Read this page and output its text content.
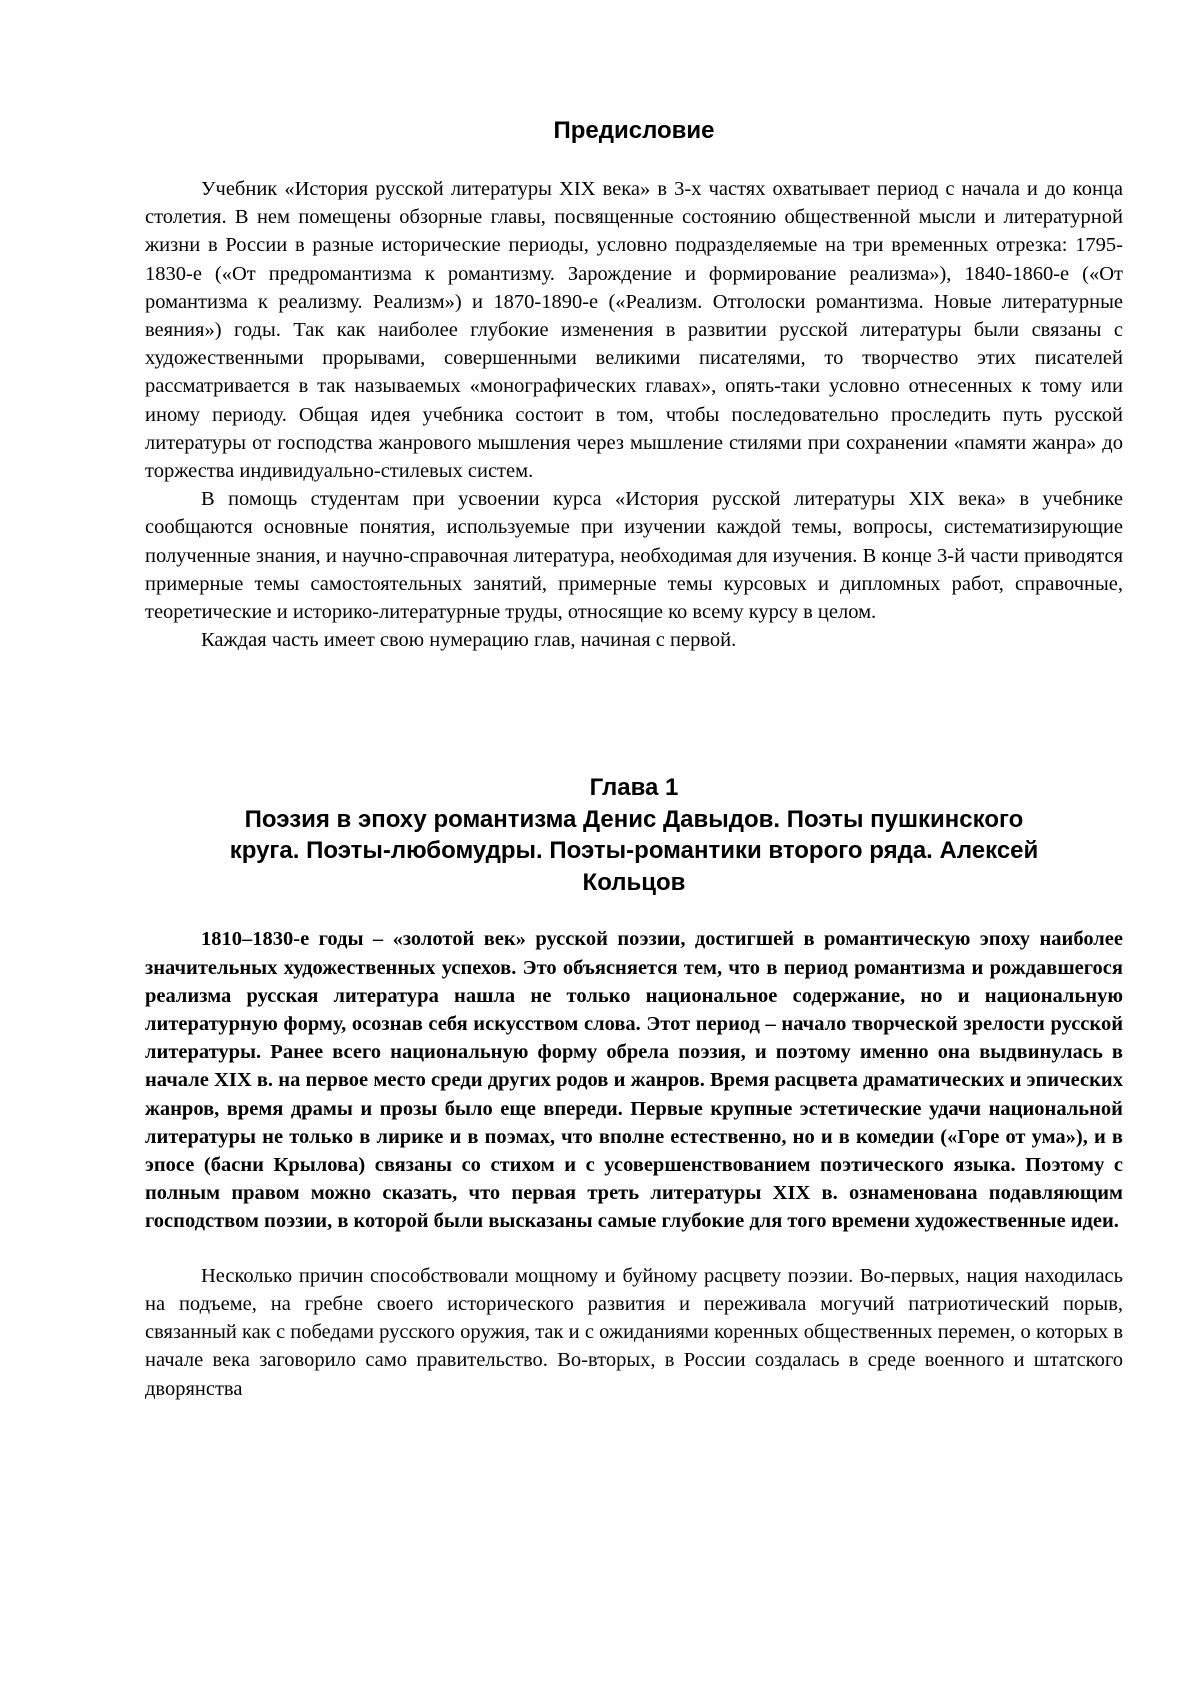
Предисловие

Учебник «История русской литературы XIX века» в 3-х частях охватывает период с начала и до конца столетия. В нем помещены обзорные главы, посвященные состоянию общественной мысли и литературной жизни в России в разные исторические периоды, условно подразделяемые на три временных отрезка: 1795-1830-е («От предромантизма к романтизму. Зарождение и формирование реализма»), 1840-1860-е («От романтизма к реализму. Реализм») и 1870-1890-е («Реализм. Отголоски романтизма. Новые литературные веяния») годы. Так как наиболее глубокие изменения в развитии русской литературы были связаны с художественными прорывами, совершенными великими писателями, то творчество этих писателей рассматривается в так называемых «монографических главах», опять-таки условно отнесенных к тому или иному периоду. Общая идея учебника состоит в том, чтобы последовательно проследить путь русской литературы от господства жанрового мышления через мышление стилями при сохранении «памяти жанра» до торжества индивидуально-стилевых систем.

В помощь студентам при усвоении курса «История русской литературы XIX века» в учебнике сообщаются основные понятия, используемые при изучении каждой темы, вопросы, систематизирующие полученные знания, и научно-справочная литература, необходимая для изучения. В конце 3-й части приводятся примерные темы самостоятельных занятий, примерные темы курсовых и дипломных работ, справочные, теоретические и историко-литературные труды, относящие ко всему курсу в целом.

Каждая часть имеет свою нумерацию глав, начиная с первой.

Глава 1
Поэзия в эпоху романтизма Денис Давыдов. Поэты пушкинского
круга. Поэты-любомудры. Поэты-романтики второго ряда. Алексей
Кольцов

1810–1830-е годы – «золотой век» русской поэзии, достигшей в романтическую эпоху наиболее значительных художественных успехов. Это объясняется тем, что в период романтизма и рождавшегося реализма русская литература нашла не только национальное содержание, но и национальную литературную форму, осознав себя искусством слова. Этот период – начало творческой зрелости русской литературы. Ранее всего национальную форму обрела поэзия, и поэтому именно она выдвинулась в начале XIX в. на первое место среди других родов и жанров. Время расцвета драматических и эпических жанров, время драмы и прозы было еще впереди. Первые крупные эстетические удачи национальной литературы не только в лирике и в поэмах, что вполне естественно, но и в комедии («Горе от ума»), и в эпосе (басни Крылова) связаны со стихом и с усовершенствованием поэтического языка. Поэтому с полным правом можно сказать, что первая треть литературы XIX в. ознаменована подавляющим господством поэзии, в которой были высказаны самые глубокие для того времени художественные идеи.

Несколько причин способствовали мощному и буйному расцвету поэзии. Во-первых, нация находилась на подъеме, на гребне своего исторического развития и переживала могучий патриотический порыв, связанный как с победами русского оружия, так и с ожиданиями коренных общественных перемен, о которых в начале века заговорило само правительство. Во-вторых, в России создалась в среде военного и штатского дворянства
